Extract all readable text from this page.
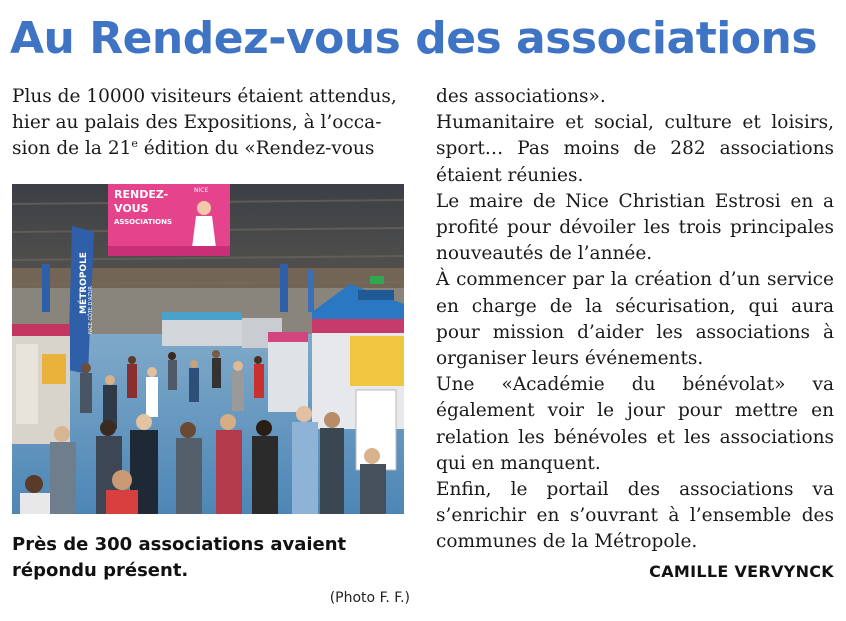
Au Rendez-vous des associations

Plus de 10000 visiteurs étaient attendus,
hier au palais des Expositions, à l’occa-
sion de la 21e édition du «Rendez-vous

RENDEZ-
VOUS
ASSOCIATIONS
NICE
MÉTROPOLE NICE CÔTE D'AZUR
Près de 300 associations avaient répondu présent.
(Photo F. F.)

des associations».

Humanitaire et social, culture et loisirs, sport… Pas moins de 282 associations étaient réunies.

Le maire de Nice Christian Estrosi en a profité pour dévoiler les trois principales nouveautés de l’année.

À commencer par la création d’un service en charge de la sécurisation, qui aura pour mission d’aider les associations à organiser leurs événements.

Une «Académie du bénévolat» va également voir le jour pour mettre en relation les bénévoles et les associations qui en manquent.

Enfin, le portail des associations va s’enrichir en s’ouvrant à l’ensemble des communes de la Métropole.

CAMILLE VERVYNCK
